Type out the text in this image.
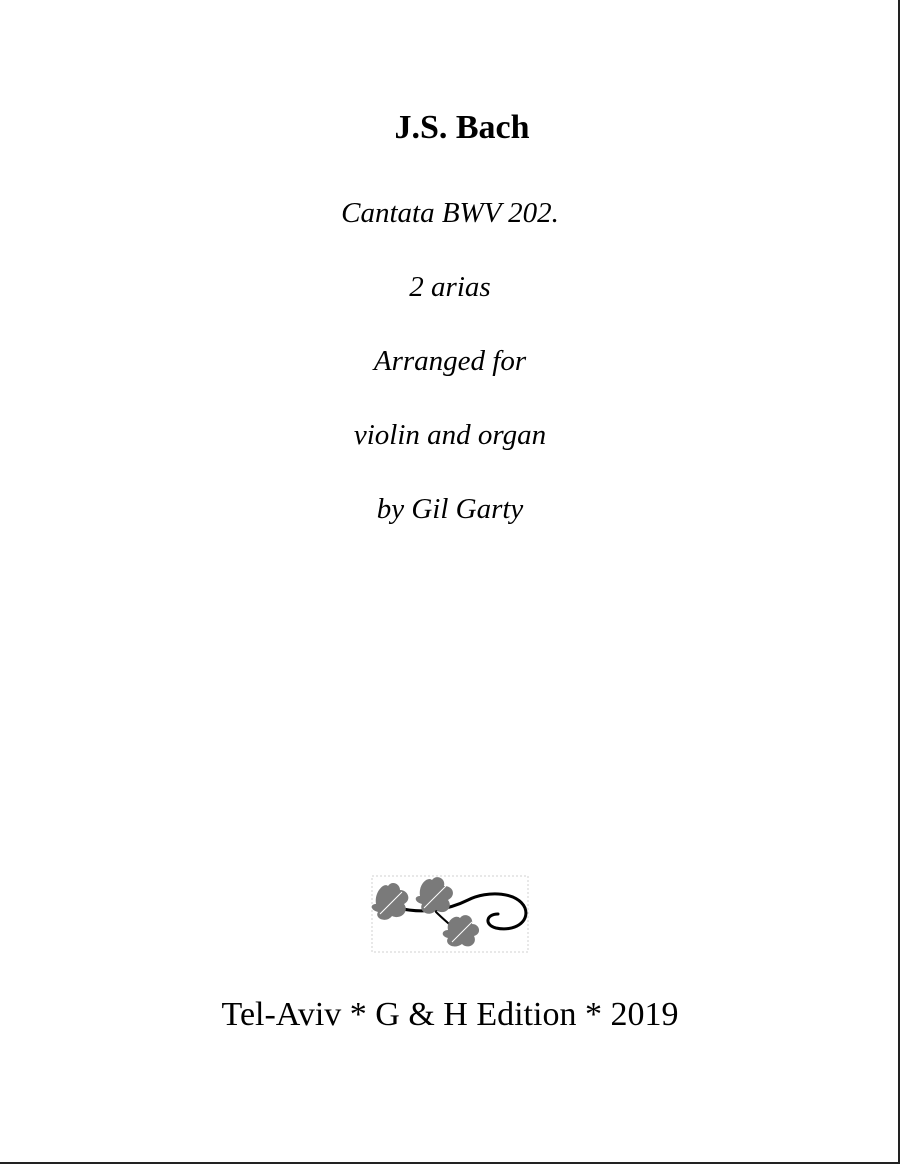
J.S. Bach
Cantata BWV 202.
2 arias
Arranged for
violin and organ
by Gil Garty
Tel-Aviv * G & H Edition * 2019
